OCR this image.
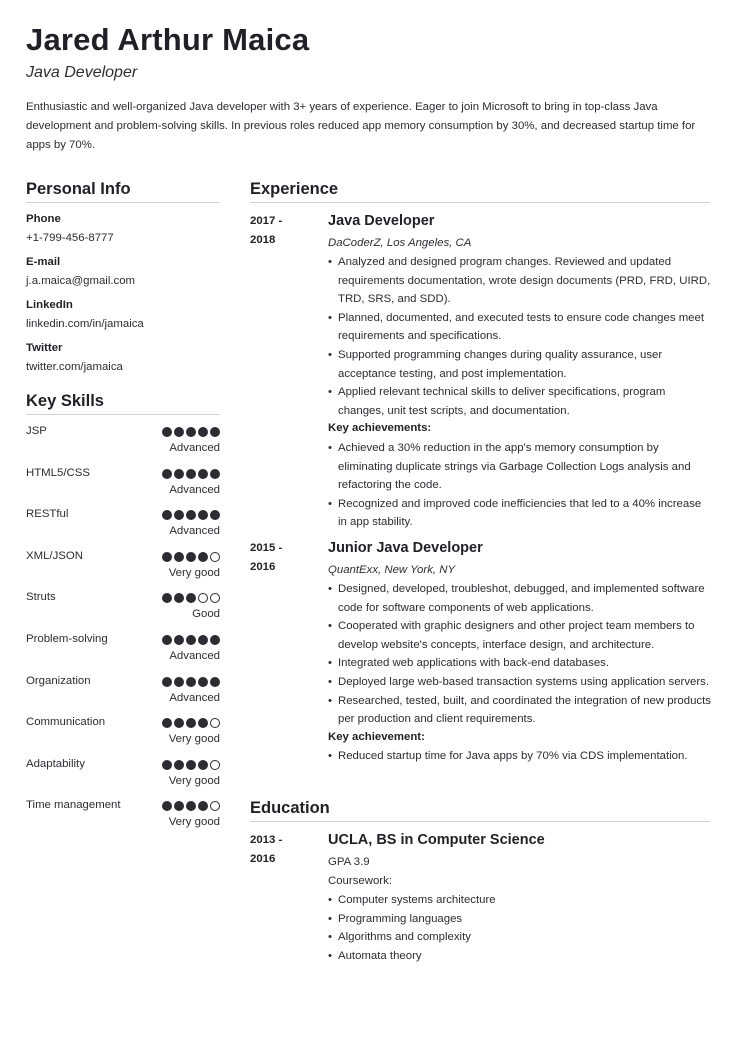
Jared Arthur Maica
Java Developer
Enthusiastic and well-organized Java developer with 3+ years of experience. Eager to join Microsoft to bring in top-class Java development and problem-solving skills. In previous roles reduced app memory consumption by 30%, and decreased startup time for apps by 70%.
Personal Info
Phone
+1-799-456-8777
E-mail
j.a.maica@gmail.com
LinkedIn
linkedin.com/in/jamaica
Twitter
twitter.com/jamaica
Key Skills
JSP
Advanced
HTML5/CSS
Advanced
RESTful
Advanced
XML/JSON
Very good
Struts
Good
Problem-solving
Advanced
Organization
Advanced
Communication
Very good
Adaptability
Very good
Time management
Very good
Experience
2017 -
2018
Java Developer
DaCoderZ, Los Angeles, CA
• Analyzed and designed program changes. Reviewed and updated requirements documentation, wrote design documents (PRD, FRD, UIRD, TRD, SRS, and SDD).
• Planned, documented, and executed tests to ensure code changes meet requirements and specifications.
• Supported programming changes during quality assurance, user acceptance testing, and post implementation.
• Applied relevant technical skills to deliver specifications, program changes, unit test scripts, and documentation.
Key achievements:
• Achieved a 30% reduction in the app's memory consumption by eliminating duplicate strings via Garbage Collection Logs analysis and refactoring the code.
• Recognized and improved code inefficiencies that led to a 40% increase in app stability.
2015 -
2016
Junior Java Developer
QuantExx, New York, NY
• Designed, developed, troubleshot, debugged, and implemented software code for software components of web applications.
• Cooperated with graphic designers and other project team members to develop website's concepts, interface design, and architecture.
• Integrated web applications with back-end databases.
• Deployed large web-based transaction systems using application servers.
• Researched, tested, built, and coordinated the integration of new products per production and client requirements.
Key achievement:
• Reduced startup time for Java apps by 70% via CDS implementation.
Education
2013 -
2016
UCLA, BS in Computer Science
GPA 3.9
Coursework:
• Computer systems architecture
• Programming languages
• Algorithms and complexity
• Automata theory
